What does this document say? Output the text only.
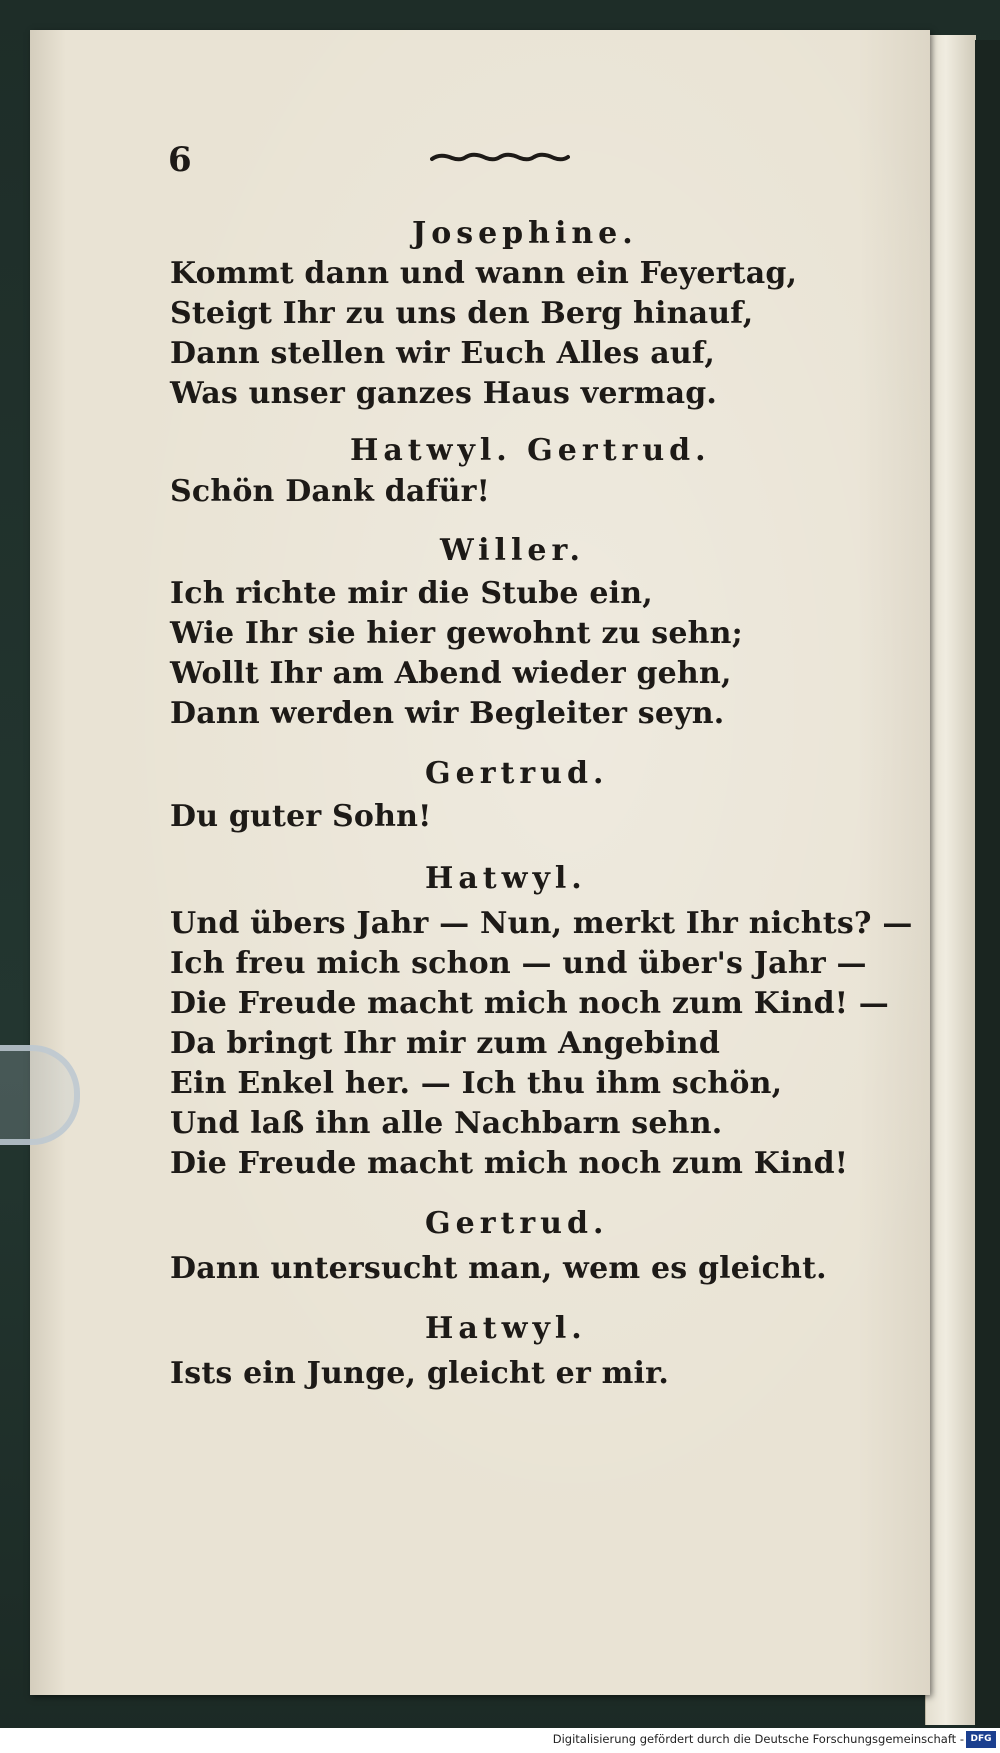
6
Josephine.
Kommt dann und wann ein Feyertag,
Steigt Ihr zu uns den Berg hinauf,
Dann stellen wir Euch Alles auf,
Was unser ganzes Haus vermag.
Hatwyl. Gertrud.
Schön Dank dafür!
Willer.
Ich richte mir die Stube ein,
Wie Ihr sie hier gewohnt zu sehn;
Wollt Ihr am Abend wieder gehn,
Dann werden wir Begleiter seyn.
Gertrud.
Du guter Sohn!
Hatwyl.
Und übers Jahr — Nun, merkt Ihr nichts? —
Ich freu mich schon — und über's Jahr —
Die Freude macht mich noch zum Kind! —
Da bringt Ihr mir zum Angebind
Ein Enkel her. — Ich thu ihm schön,
Und laß ihn alle Nachbarn sehn.
Die Freude macht mich noch zum Kind!
Gertrud.
Dann untersucht man, wem es gleicht.
Hatwyl.
Ists ein Junge, gleicht er mir.
Digitalisierung gefördert durch die Deutsche Forschungsgemeinschaft - DFG
